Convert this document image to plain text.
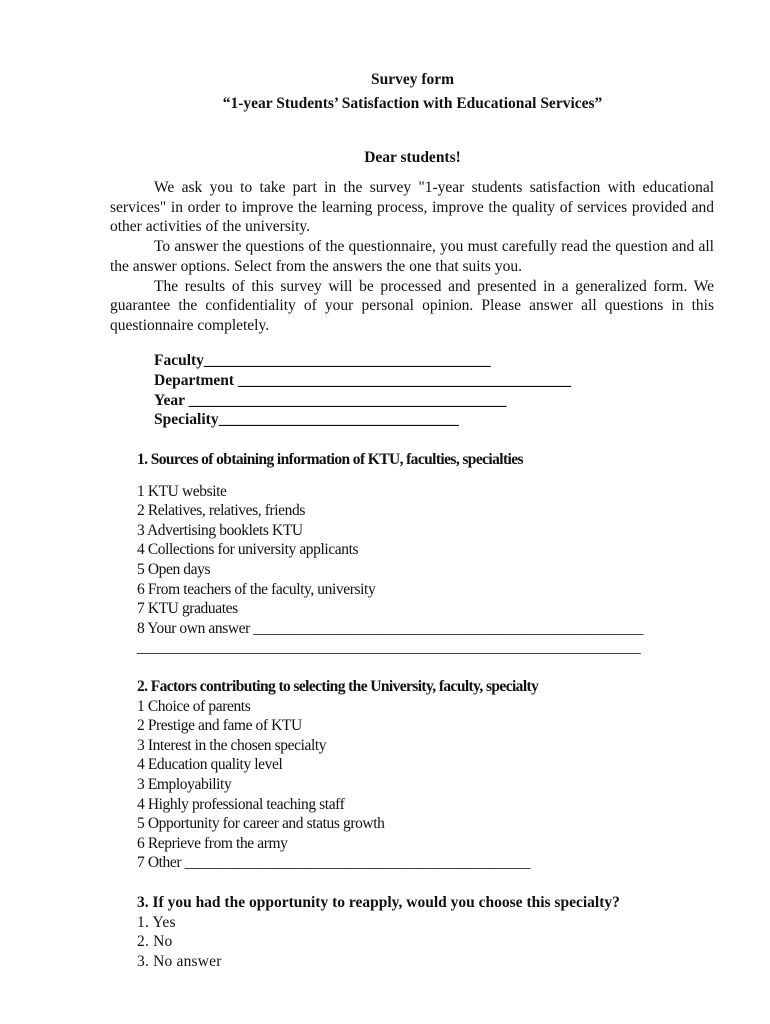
Survey form
“1-year Students’ Satisfaction with Educational Services”
Dear students!

We ask you to take part in the survey "1-year students satisfaction with educational services" in order to improve the learning process, improve the quality of services provided and other activities of the university.

To answer the questions of the questionnaire, you must carefully read the question and all the answer options. Select from the answers the one that suits you.

The results of this survey will be processed and presented in a generalized form. We guarantee the confidentiality of your personal opinion. Please answer all questions in this questionnaire completely.

Faculty_____________________________________
Department ___________________________________________
Year _________________________________________
Speciality_______________________________
1. Sources of obtaining information of KTU, faculties, specialties
1 KTU website
2 Relatives, relatives, friends
3 Advertising booklets KTU
4 Collections for university applicants
5 Open days
6 From teachers of the faculty, university
7 KTU graduates
8 Your own answer _____________________________________________________
_________________________________________________________________
2. Factors contributing to selecting the University, faculty, specialty
1 Choice of parents
2 Prestige and fame of KTU
3 Interest in the chosen specialty
4 Education quality level
3 Employability
4 Highly professional teaching staff
5 Opportunity for career and status growth
6 Reprieve from the army
7 Other _______________________________________________
3. If you had the opportunity to reapply, would you choose this specialty?
1. Yes
2. No
3. No answer
